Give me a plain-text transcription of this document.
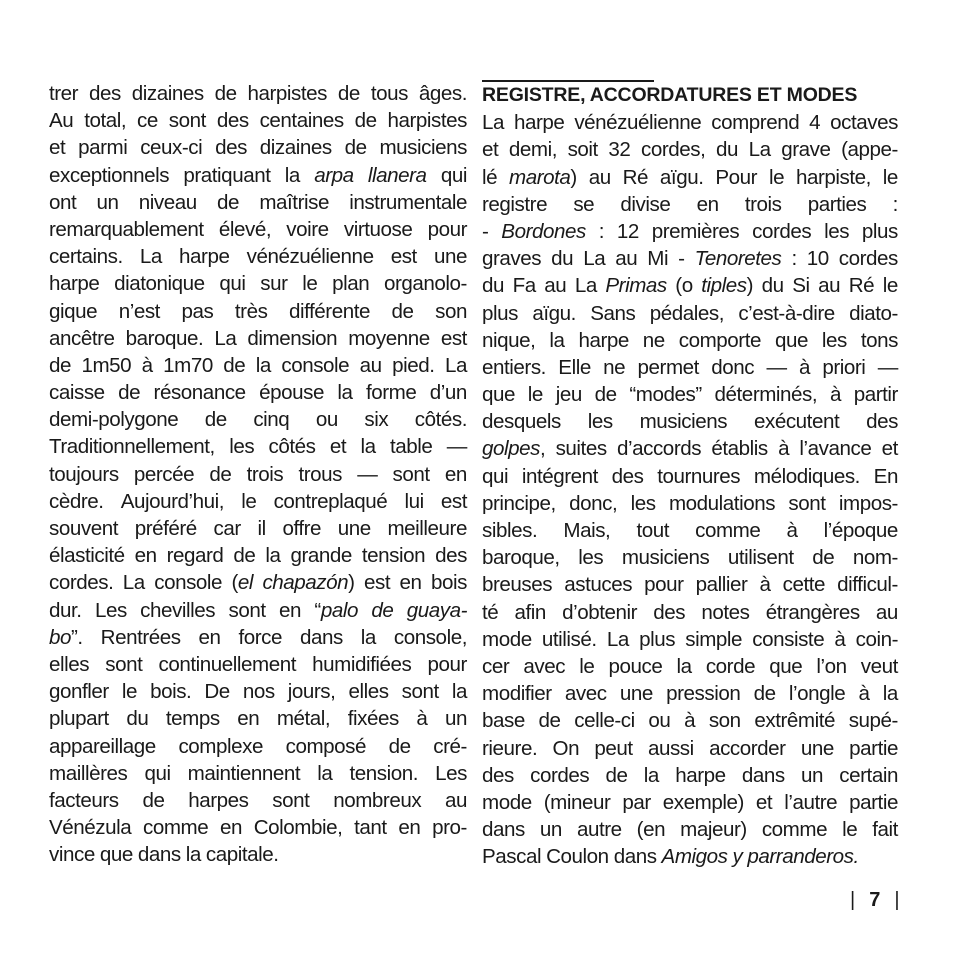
trer des dizaines de harpistes de tous âges.
Au total, ce sont des centaines de harpistes
et parmi ceux-ci des dizaines de musiciens
exceptionnels pratiquant la arpa llanera qui
ont un niveau de maîtrise instrumentale
remarquablement élevé, voire virtuose pour
certains. La harpe vénézuélienne est une
harpe diatonique qui sur le plan organolo-
gique n’est pas très différente de son
ancêtre baroque. La dimension moyenne est
de 1m50 à 1m70 de la console au pied. La
caisse de résonance épouse la forme d’un
demi-polygone de cinq ou six côtés.
Traditionnellement, les côtés et la table —
toujours percée de trois trous — sont en
cèdre. Aujourd’hui, le contreplaqué lui est
souvent préféré car il offre une meilleure
élasticité en regard de la grande tension des
cordes. La console (el chapazón) est en bois
dur. Les chevilles sont en “palo de guaya-
bo”. Rentrées en force dans la console,
elles sont continuellement humidifiées pour
gonfler le bois. De nos jours, elles sont la
plupart du temps en métal, fixées à un
appareillage complexe composé de cré-
maillères qui maintiennent la tension. Les
facteurs de harpes sont nombreux au
Vénézula comme en Colombie, tant en pro-
vince que dans la capitale.
REGISTRE, ACCORDATURES ET MODES
La harpe vénézuélienne comprend 4 octaves
et demi, soit 32 cordes, du La grave (appe-
lé marota) au Ré aïgu. Pour le harpiste, le
registre se divise en trois parties :
- Bordones : 12 premières cordes les plus
graves du La au Mi - Tenoretes : 10 cordes
du Fa au La Primas (o tiples) du Si au Ré le
plus aïgu. Sans pédales, c’est-à-dire diato-
nique, la harpe ne comporte que les tons
entiers. Elle ne permet donc — à priori —
que le jeu de “modes” déterminés, à partir
desquels les musiciens exécutent des
golpes, suites d’accords établis à l’avance et
qui intégrent des tournures mélodiques. En
principe, donc, les modulations sont impos-
sibles. Mais, tout comme à l’époque
baroque, les musiciens utilisent de nom-
breuses astuces pour pallier à cette difficul-
té afin d’obtenir des notes étrangères au
mode utilisé. La plus simple consiste à coin-
cer avec le pouce la corde que l’on veut
modifier avec une pression de l’ongle à la
base de celle-ci ou à son extrêmité supé-
rieure. On peut aussi accorder une partie
des cordes de la harpe dans un certain
mode (mineur par exemple) et l’autre partie
dans un autre (en majeur) comme le fait
Pascal Coulon dans Amigos y parranderos.
| 7 |
